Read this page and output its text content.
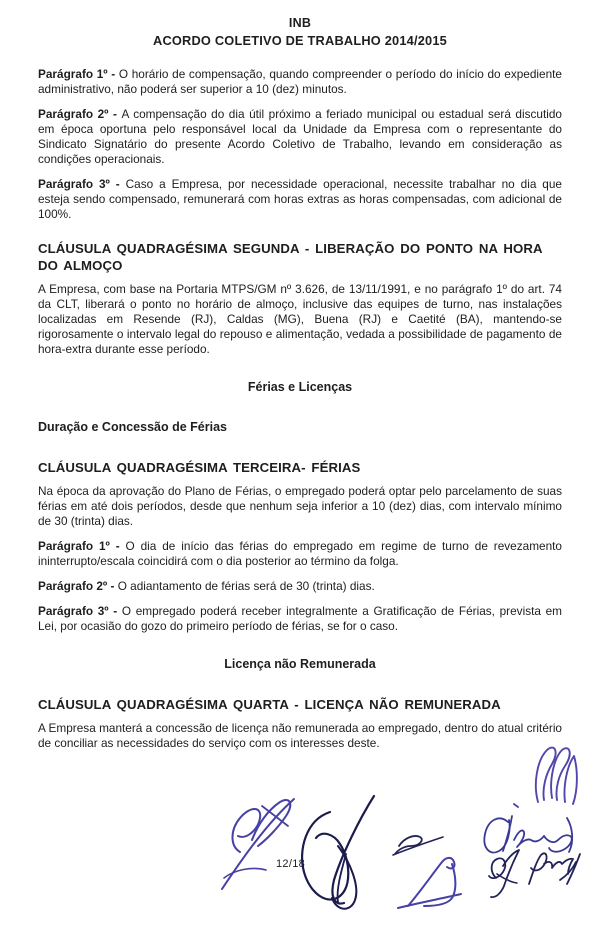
INB
ACORDO COLETIVO DE TRABALHO 2014/2015

Parágrafo 1º - O horário de compensação, quando compreender o período do início do expediente administrativo, não poderá ser superior a 10 (dez) minutos.

Parágrafo 2º - A compensação do dia útil próximo a feriado municipal ou estadual será discutido em época oportuna pelo responsável local da Unidade da Empresa com o representante do Sindicato Signatário do presente Acordo Coletivo de Trabalho, levando em consideração as condições operacionais.

Parágrafo 3º - Caso a Empresa, por necessidade operacional, necessite trabalhar no dia que esteja sendo compensado, remunerará com horas extras as horas compensadas, com adicional de 100%.

CLÁUSULA QUADRAGÉSIMA SEGUNDA - LIBERAÇÃO DO PONTO NA HORA DO ALMOÇO

A Empresa, com base na Portaria MTPS/GM nº 3.626, de 13/11/1991, e no parágrafo 1º do art. 74 da CLT, liberará o ponto no horário de almoço, inclusive das equipes de turno, nas instalações localizadas em Resende (RJ), Caldas (MG), Buena (RJ) e Caetité (BA), mantendo-se rigorosamente o intervalo legal do repouso e alimentação, vedada a possibilidade de pagamento de hora-extra durante esse período.

Férias e Licenças

Duração e Concessão de Férias

CLÁUSULA QUADRAGÉSIMA TERCEIRA- FÉRIAS

Na época da aprovação do Plano de Férias, o empregado poderá optar pelo parcelamento de suas férias em até dois períodos, desde que nenhum seja inferior a 10 (dez) dias, com intervalo mínimo de 30 (trinta) dias.

Parágrafo 1º - O dia de início das férias do empregado em regime de turno de revezamento ininterrupto/escala coincidirá com o dia posterior ao término da folga.

Parágrafo 2º - O adiantamento de férias será de 30 (trinta) dias.

Parágrafo 3º - O empregado poderá receber integralmente a Gratificação de Férias, prevista em Lei, por ocasião do gozo do primeiro período de férias, se for o caso.

Licença não Remunerada

CLÁUSULA QUADRAGÉSIMA QUARTA - LICENÇA NÃO REMUNERADA

A Empresa manterá a concessão de licença não remunerada ao empregado, dentro do atual critério de conciliar as necessidades do serviço com os interesses deste.

12/18
